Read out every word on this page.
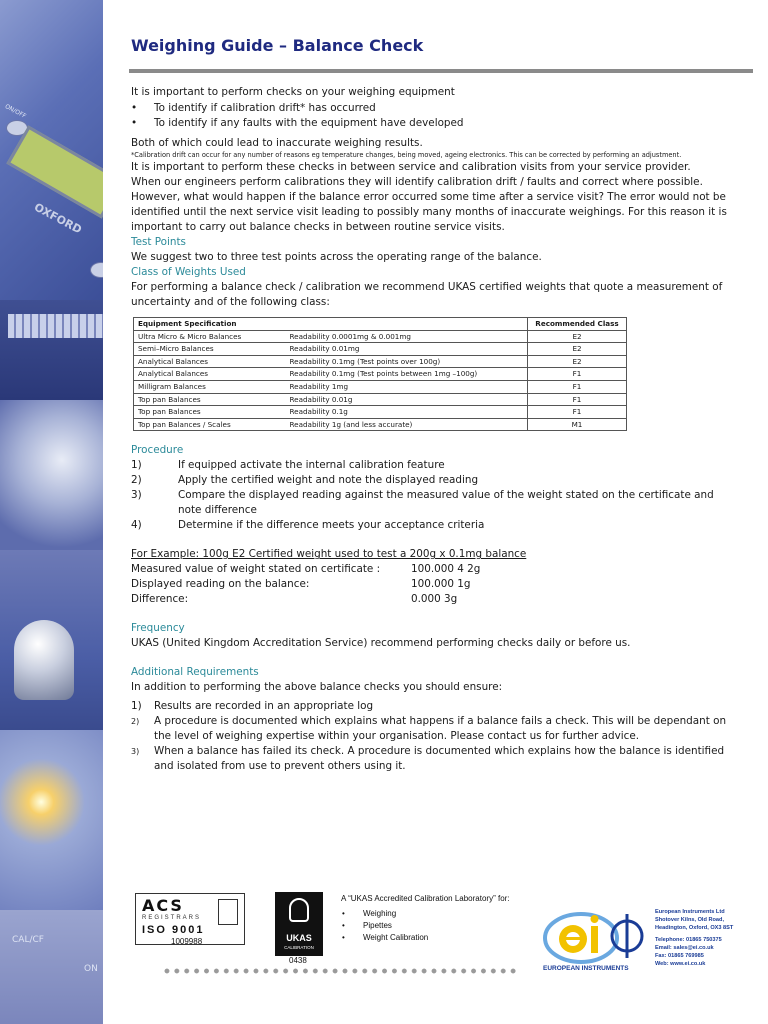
OXFORD
ON/OFF
CAL/CF
ON
Weighing Guide – Balance Check

It is important to perform checks on your weighing equipment

•	To identify if calibration drift* has occurred
•	To identify if any faults with the equipment have developed

Both of which could lead to inaccurate weighing results.

*Calibration drift can occur for any number of reasons eg temperature changes, being moved, ageing electronics. This can be corrected by performing an adjustment.

It is important to perform these checks in between service and calibration visits from your service provider.

When our engineers perform calibrations they will identify calibration drift / faults and correct where possible. However, what would happen if the balance error occurred some time after a service visit? The error would not be identified until the next service visit leading to possibly many months of inaccurate weighings. For this reason it is important to carry out balance checks in between routine service visits.

Test Points

We suggest two to three test points across the operating range of the balance.

Class of Weights Used

For performing a balance check / calibration we recommend UKAS certified weights that quote a measurement of uncertainty and of the following class:

Equipment Specification		Recommended Class
Ultra Micro & Micro Balances	Readability 0.0001mg & 0.001mg	E2
Semi–Micro Balances	Readability 0.01mg	E2
Analytical Balances	Readability 0.1mg (Test points over 100g)	E2
Analytical Balances	Readability 0.1mg (Test points between 1mg –100g)	F1
Milligram Balances	Readability 1mg	F1
Top pan Balances	Readability 0.01g	F1
Top pan Balances	Readability 0.1g	F1
Top pan Balances / Scales	Readability 1g (and less accurate)	M1

Procedure

1)	If equipped activate the internal calibration feature
2)	Apply the certified weight and note the displayed reading
3)	Compare the displayed reading against the measured value of the weight stated on the certificate and note difference
4)	Determine if the difference meets your acceptance criteria

For Example: 100g E2 Certified weight used to test a 200g x 0.1mg balance

Measured value of weight stated on certificate :	100.000 4 2g
Displayed reading on the balance:	100.000 1g
Difference:	0.000 3g

Frequency

UKAS (United Kingdom Accreditation Service) recommend performing checks daily or before us.

Additional Requirements

In addition to performing the above balance checks you should ensure:

1)	Results are recorded in an appropriate log
2)	A procedure is documented which explains what happens if a balance fails a check. This will be dependant on the level of weighing expertise within your organisation. Please contact us for further advice.
3)	When a balance has failed its check. A procedure is documented which explains how the balance is identified and isolated from use to prevent others using it.
ACS
REGISTRARS
ISO 9001
1009988	UKAS
CALIBRATION
0438
A “UKAS Accredited Calibration Laboratory” for:
•	Weighing
•	Pipettes
•	Weight Calibration
EUROPEAN INSTRUMENTS
European Instruments Ltd
Shotover Kilns, Old Road,
Headington, Oxford, OX3 8ST
Telephone: 01865 750375
Email: sales@ei.co.uk
Fax: 01865 769985
Web: www.ei.co.uk
